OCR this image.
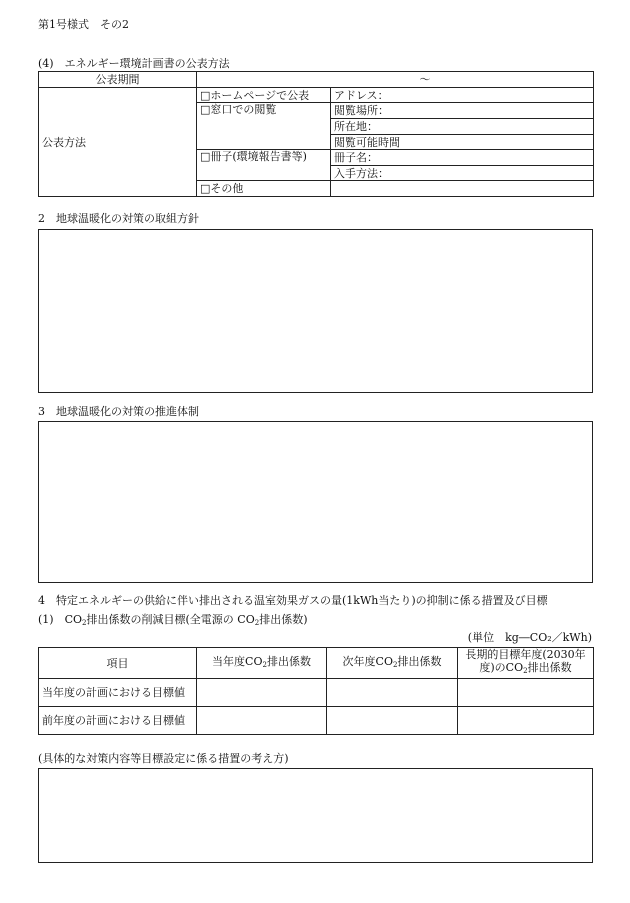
第1号様式　その2
(4)　エネルギー環境計画書の公表方法
公表期間	～	
公表方法	□ホームページで公表	アドレス：
	□窓口での閲覧	閲覧場所：
		所在地：
		閲覧可能時間
	□冊子(環境報告書等)	冊子名：
		入手方法：
	□その他	
2　地球温暖化の対策の取組方針
3　地球温暖化の対策の推進体制
4　特定エネルギーの供給に伴い排出される温室効果ガスの量(1kWh当たり)の抑制に係る措置及び目標
(1)　$CO_2$排出係数の削減目標(全電源の $CO_2$排出係数)
(単位　kg―CO₂／kWh)
項目	当年度$CO_2$排出係数	次年度$CO_2$排出係数	長期的目標年度(2030年
度)の$CO_2$排出係数

当年度の計画における目標値			
前年度の計画における目標値			
(具体的な対策内容等目標設定に係る措置の考え方)
